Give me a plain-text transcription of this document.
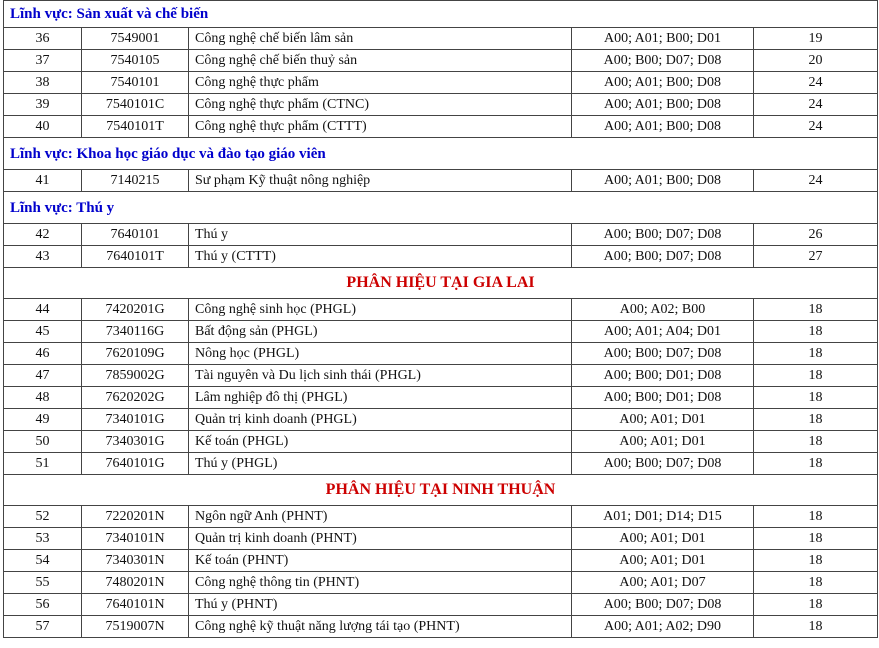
Lĩnh vực: Sản xuất và chế biến				
36	7549001	Công nghệ chế biến lâm sản	A00; A01; B00; D01	19
37	7540105	Công nghệ chế biến thuỷ sản	A00; B00; D07; D08	20
38	7540101	Công nghệ thực phẩm	A00; A01; B00; D08	24
39	7540101C	Công nghệ thực phẩm (CTNC)	A00; A01; B00; D08	24
40	7540101T	Công nghệ thực phẩm (CTTT)	A00; A01; B00; D08	24
Lĩnh vực: Khoa học giáo dục và đào tạo giáo viên				
41	7140215	Sư phạm Kỹ thuật nông nghiệp	A00; A01; B00; D08	24
Lĩnh vực: Thú y				
42	7640101	Thú y	A00; B00; D07; D08	26
43	7640101T	Thú y (CTTT)	A00; B00; D07; D08	27
PHÂN HIỆU TẠI GIA LAI				
44	7420201G	Công nghệ sinh học (PHGL)	A00; A02; B00	18
45	7340116G	Bất động sản (PHGL)	A00; A01; A04; D01	18
46	7620109G	Nông học (PHGL)	A00; B00; D07; D08	18
47	7859002G	Tài nguyên và Du lịch sinh thái (PHGL)	A00; B00; D01; D08	18
48	7620202G	Lâm nghiệp đô thị (PHGL)	A00; B00; D01; D08	18
49	7340101G	Quản trị kinh doanh (PHGL)	A00; A01; D01	18
50	7340301G	Kế toán (PHGL)	A00; A01; D01	18
51	7640101G	Thú y (PHGL)	A00; B00; D07; D08	18
PHÂN HIỆU TẠI NINH THUẬN				
52	7220201N	Ngôn ngữ Anh (PHNT)	A01; D01; D14; D15	18
53	7340101N	Quản trị kinh doanh (PHNT)	A00; A01; D01	18
54	7340301N	Kế toán (PHNT)	A00; A01; D01	18
55	7480201N	Công nghệ thông tin (PHNT)	A00; A01; D07	18
56	7640101N	Thú y (PHNT)	A00; B00; D07; D08	18
57	7519007N	Công nghệ kỹ thuật năng lượng tái tạo (PHNT)	A00; A01; A02; D90	18
